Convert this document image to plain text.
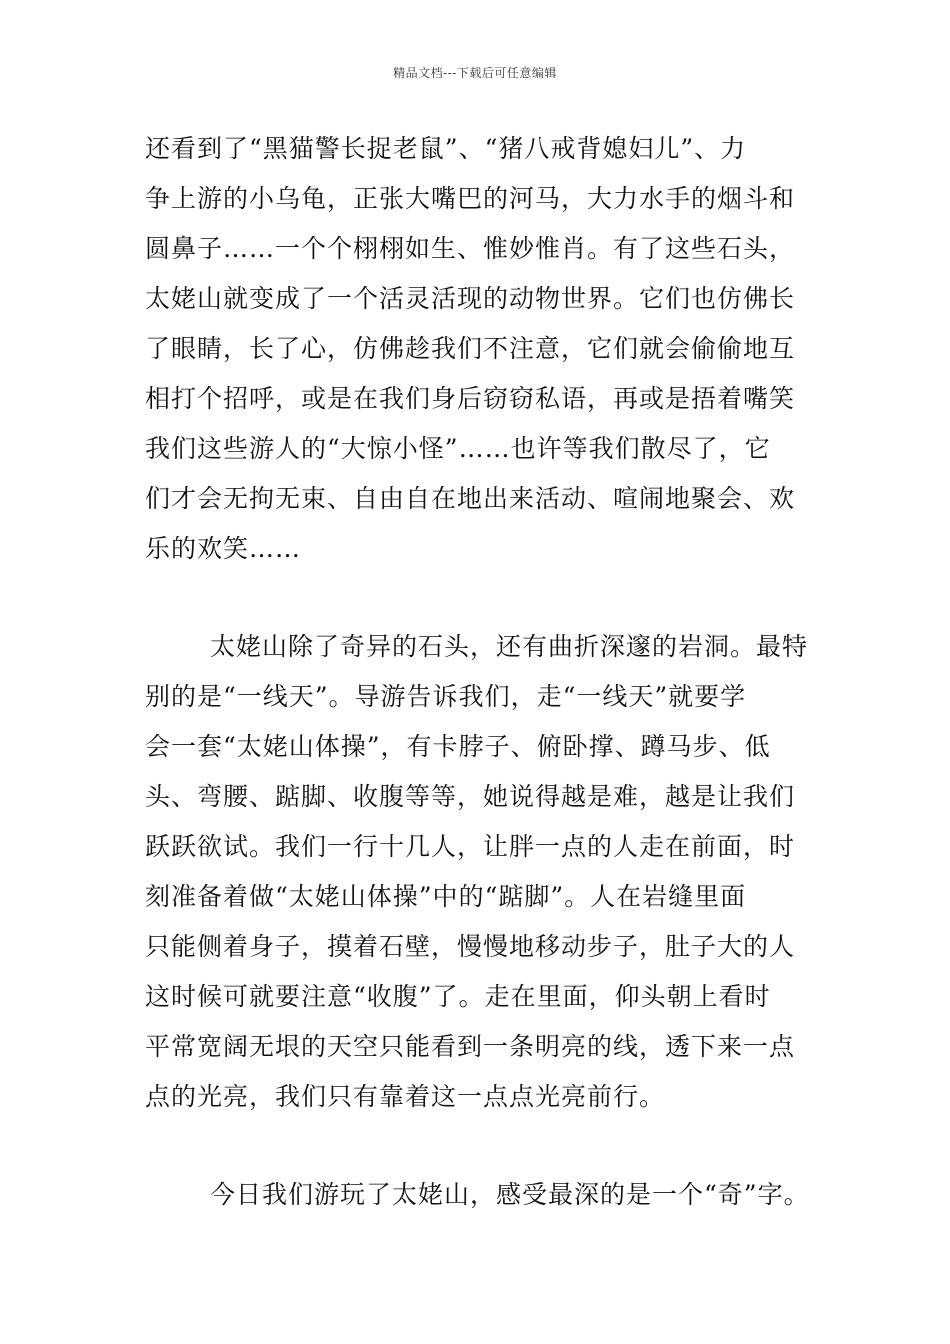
精品文档---下载后可任意编辑
还看到了“黑猫警长捉老鼠”、“猪八戒背媳妇儿”、力
争上游的小乌龟，正张大嘴巴的河马，大力水手的烟斗和
圆鼻子……一个个栩栩如生、惟妙惟肖。有了这些石头，
太姥山就变成了一个活灵活现的动物世界。它们也仿佛长
了眼睛，长了心，仿佛趁我们不注意，它们就会偷偷地互
相打个招呼，或是在我们身后窃窃私语，再或是捂着嘴笑
我们这些游人的“大惊小怪”……也许等我们散尽了，它
们才会无拘无束、自由自在地出来活动、喧闹地聚会、欢
乐的欢笑……
太姥山除了奇异的石头，还有曲折深邃的岩洞。最特
别的是“一线天”。导游告诉我们，走“一线天”就要学
会一套“太姥山体操”，有卡脖子、俯卧撑、蹲马步、低
头、弯腰、踮脚、收腹等等，她说得越是难，越是让我们
跃跃欲试。我们一行十几人，让胖一点的人走在前面，时
刻准备着做“太姥山体操”中的“踮脚”。人在岩缝里面
只能侧着身子，摸着石壁，慢慢地移动步子，肚子大的人
这时候可就要注意“收腹”了。走在里面，仰头朝上看时
平常宽阔无垠的天空只能看到一条明亮的线，透下来一点
点的光亮，我们只有靠着这一点点光亮前行。
今日我们游玩了太姥山，感受最深的是一个“奇”字。
